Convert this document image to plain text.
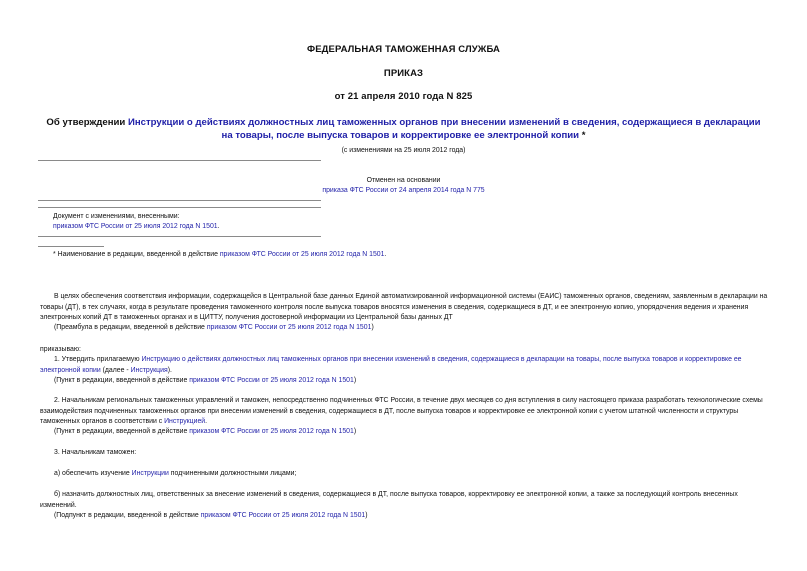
ФЕДЕРАЛЬНАЯ ТАМОЖЕННАЯ СЛУЖБА
ПРИКАЗ
от 21 апреля 2010 года N 825
Об утверждении Инструкции о действиях должностных лиц таможенных органов при внесении изменений в сведения, содержащиеся в декларации на товары, после выпуска товаров и корректировке ее электронной копии *
(с изменениями на 25 июля 2012 года)
Отменен на основании
приказа ФТС России от 24 апреля 2014 года N 775
Документ с изменениями, внесенными:
приказом ФТС России от 25 июля 2012 года N 1501.
* Наименование в редакции, введенной в действие приказом ФТС России от 25 июля 2012 года N 1501.
В целях обеспечения соответствия информации, содержащейся в Центральной базе данных Единой автоматизированной информационной системы (ЕАИС) таможенных органов, сведениям, заявленным в декларации на товары (ДТ), в тех случаях, когда в результате проведения таможенного контроля после выпуска товаров вносятся изменения в сведения, содержащиеся в ДТ, и ее электронную копию, упорядочения ведения и хранения электронных копий ДТ в таможенных органах и в ЦИТТУ, получения достоверной информации из Центральной базы данных ДТ
(Преамбула в редакции, введенной в действие приказом ФТС России от 25 июля 2012 года N 1501)
приказываю:
1. Утвердить прилагаемую Инструкцию о действиях должностных лиц таможенных органов при внесении изменений в сведения, содержащиеся в декларации на товары, после выпуска товаров и корректировке ее электронной копии (далее - Инструкция).
(Пункт в редакции, введенной в действие приказом ФТС России от 25 июля 2012 года N 1501)
2. Начальникам региональных таможенных управлений и таможен, непосредственно подчиненных ФТС России, в течение двух месяцев со дня вступления в силу настоящего приказа разработать технологические схемы взаимодействия подчиненных таможенных органов при внесении изменений в сведения, содержащиеся в ДТ, после выпуска товаров и корректировке ее электронной копии с учетом штатной численности и структуры таможенных органов в соответствии с Инструкцией.
(Пункт в редакции, введенной в действие приказом ФТС России от 25 июля 2012 года N 1501)
3. Начальникам таможен:
а) обеспечить изучение Инструкции подчиненными должностными лицами;
б) назначить должностных лиц, ответственных за внесение изменений в сведения, содержащиеся в ДТ, после выпуска товаров, корректировку ее электронной копии, а также за последующий контроль внесенных изменений.
(Подпункт в редакции, введенной в действие приказом ФТС России от 25 июля 2012 года N 1501)
